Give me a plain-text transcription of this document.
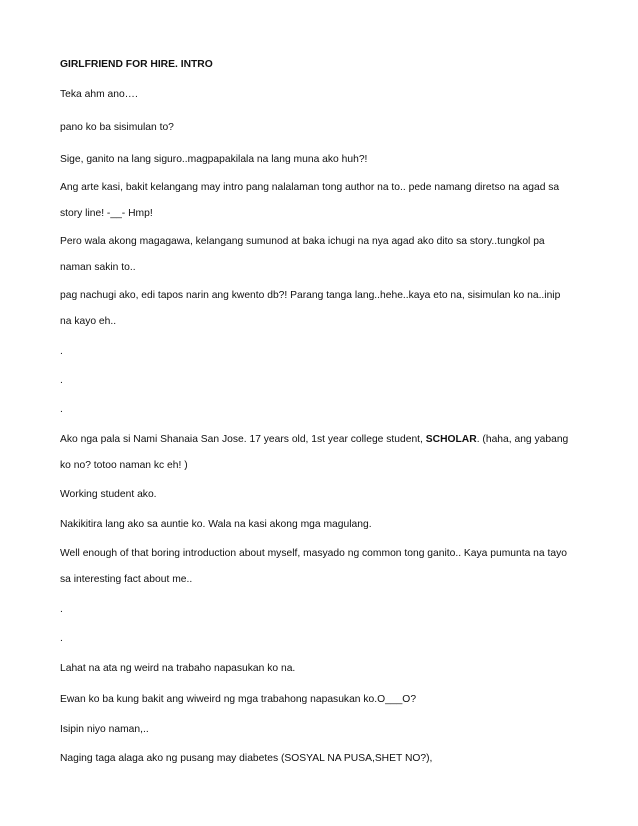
GIRLFRIEND FOR HIRE. INTRO
Teka ahm ano….
pano ko ba sisimulan to?
Sige, ganito na lang siguro..magpapakilala na lang muna ako huh?!
Ang arte kasi, bakit kelangang may intro pang nalalaman tong author na to.. pede namang diretso na agad sa
story line! -__- Hmp!
Pero wala akong magagawa, kelangang sumunod at baka ichugi na nya agad ako dito sa story..tungkol pa
naman sakin to..
pag nachugi ako, edi tapos narin ang kwento db?! Parang tanga lang..hehe..kaya eto na, sisimulan ko na..inip
na kayo eh..
.
.
.
Ako nga pala si Nami Shanaia San Jose. 17 years old, 1st year college student, SCHOLAR. (haha, ang yabang
ko no? totoo naman kc eh! )
Working student ako.
Nakikitira lang ako sa auntie ko. Wala na kasi akong mga magulang.
Well enough of that boring introduction about myself, masyado ng common tong ganito.. Kaya pumunta na tayo
sa interesting fact about me..
.
.
Lahat na ata ng weird na trabaho napasukan ko na.
Ewan ko ba kung bakit ang wiweird ng mga trabahong napasukan ko.O___O?
Isipin niyo naman,..
Naging taga alaga ako ng pusang may diabetes (SOSYAL NA PUSA,SHET NO?),
